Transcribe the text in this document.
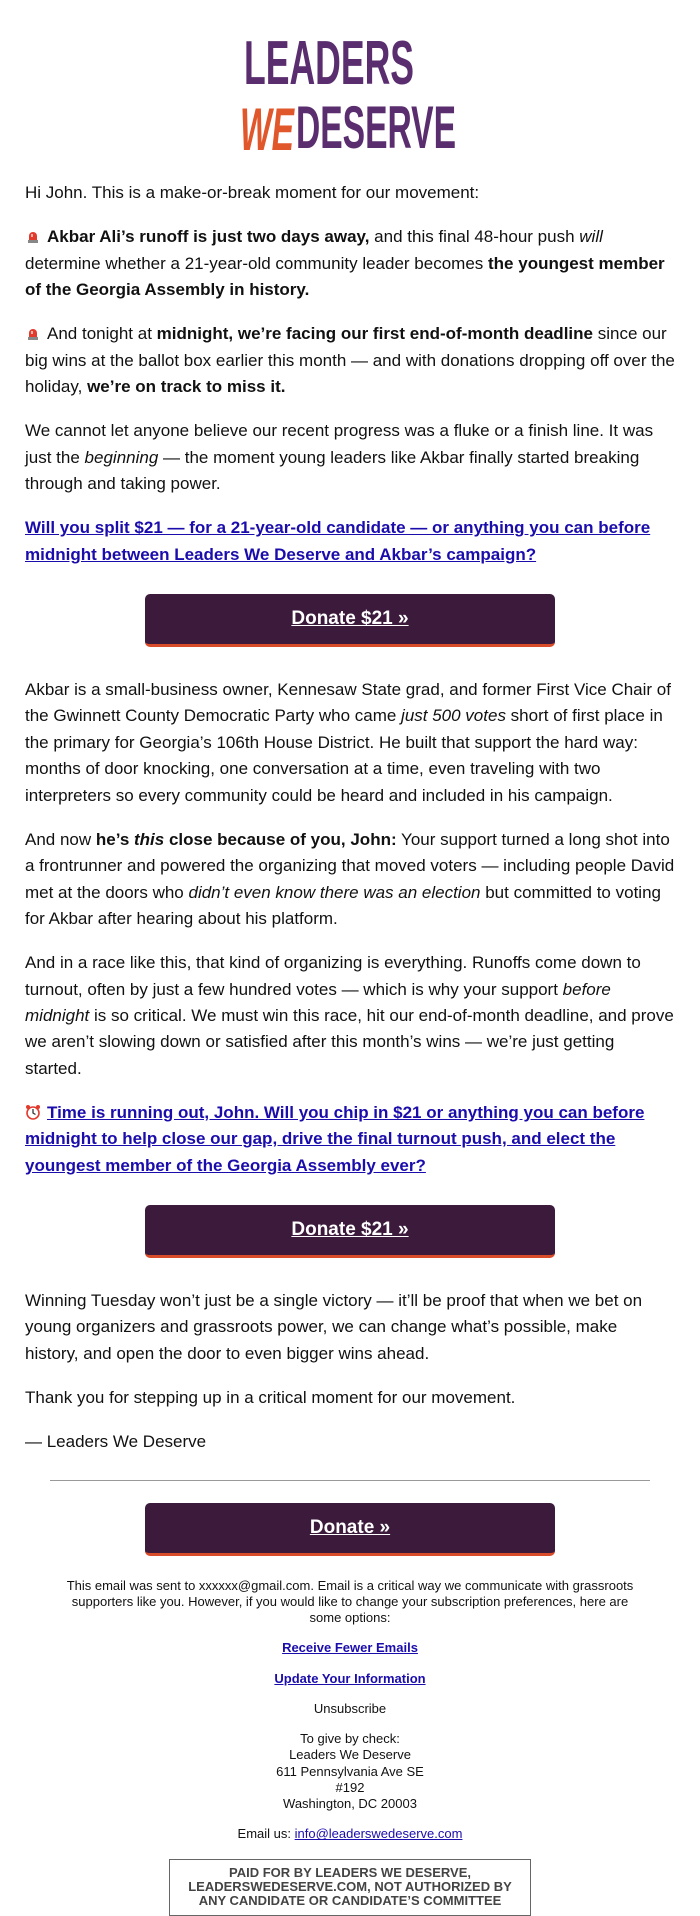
LEADERS
WE DESERVE

Hi John. This is a make-or-break moment for our movement:

Akbar Ali’s runoff is just two days away, and this final 48-hour push will determine whether a 21-year-old community leader becomes the youngest member of the Georgia Assembly in history.

And tonight at midnight, we’re facing our first end-of-month deadline since our big wins at the ballot box earlier this month — and with donations dropping off over the holiday, we’re on track to miss it.

We cannot let anyone believe our recent progress was a fluke or a finish line. It was just the beginning — the moment young leaders like Akbar finally started breaking through and taking power.

Will you split $21 — for a 21-year-old candidate — or anything you can before midnight between Leaders We Deserve and Akbar’s campaign?

Donate $21 »

Akbar is a small-business owner, Kennesaw State grad, and former First Vice Chair of the Gwinnett County Democratic Party who came just 500 votes short of first place in the primary for Georgia’s 106th House District. He built that support the hard way: months of door knocking, one conversation at a time, even traveling with two interpreters so every community could be heard and included in his campaign.

And now he’s this close because of you, John: Your support turned a long shot into a frontrunner and powered the organizing that moved voters — including people David met at the doors who didn’t even know there was an election but committed to voting for Akbar after hearing about his platform.

And in a race like this, that kind of organizing is everything. Runoffs come down to turnout, often by just a few hundred votes — which is why your support before midnight is so critical. We must win this race, hit our end-of-month deadline, and prove we aren’t slowing down or satisfied after this month’s wins — we’re just getting started.

Time is running out, John. Will you chip in $21 or anything you can before midnight to help close our gap, drive the final turnout push, and elect the youngest member of the Georgia Assembly ever?

Donate $21 »

Winning Tuesday won’t just be a single victory — it’ll be proof that when we bet on young organizers and grassroots power, we can change what’s possible, make history, and open the door to even bigger wins ahead.

Thank you for stepping up in a critical moment for our movement.

— Leaders We Deserve

Donate »

This email was sent to xxxxxx@gmail.com. Email is a critical way we communicate with grassroots supporters like you. However, if you would like to change your subscription preferences, here are some options:

Receive Fewer Emails

Update Your Information

Unsubscribe

To give by check:
Leaders We Deserve
611 Pennsylvania Ave SE
#192
Washington, DC 20003

Email us: info@leaderswedeserve.com

PAID FOR BY LEADERS WE DESERVE, LEADERSWEDESERVE.COM, NOT AUTHORIZED BY ANY CANDIDATE OR CANDIDATE’S COMMITTEE
